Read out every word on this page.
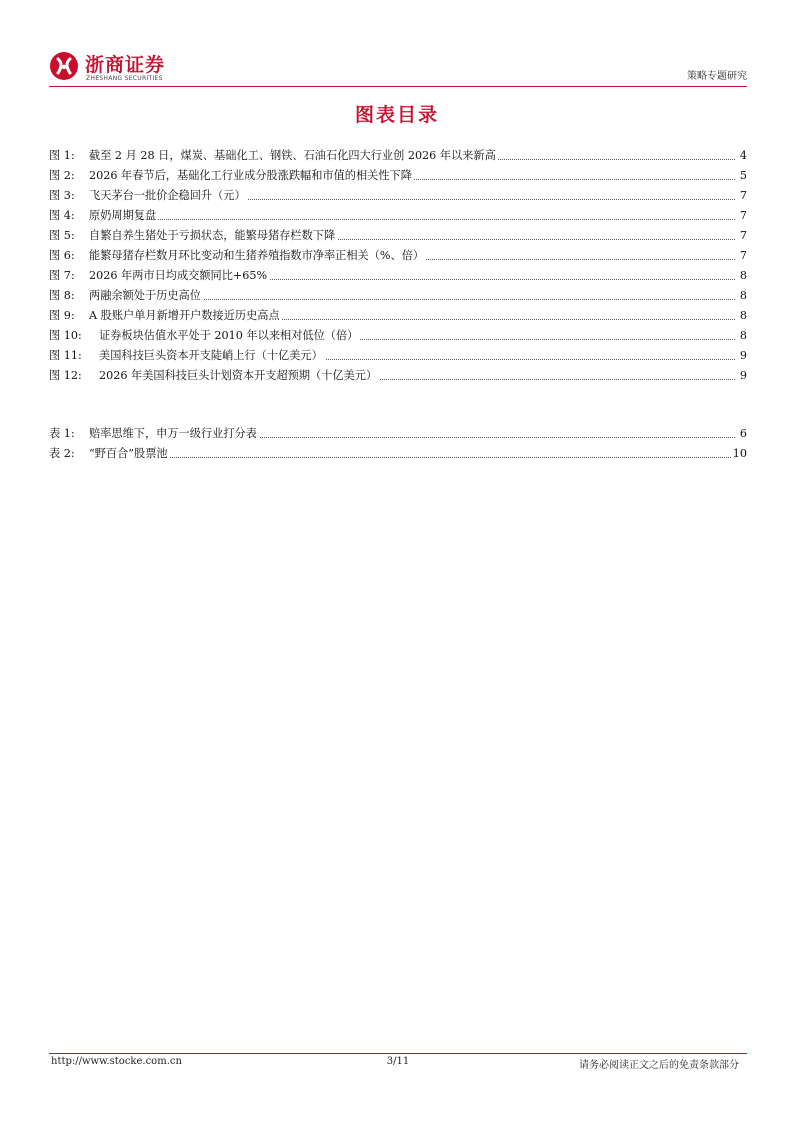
浙商证券
ZHESHANG SECURITIES	策略专题研究
图表目录
图 1: 截至 2 月 28 日，煤炭、基础化工、钢铁、石油石化四大行业创 2026 年以来新高	4
图 2: 2026 年春节后，基础化工行业成分股涨跌幅和市值的相关性下降	5
图 3: 飞天茅台一批价企稳回升（元）	7
图 4: 原奶周期复盘	7
图 5: 自繁自养生猪处于亏损状态，能繁母猪存栏数下降	7
图 6: 能繁母猪存栏数月环比变动和生猪养殖指数市净率正相关（%、倍）	7
图 7: 2026 年两市日均成交额同比+65%	8
图 8: 两融余额处于历史高位	8
图 9: A 股账户单月新增开户数接近历史高点	8
图 10: 证券板块估值水平处于 2010 年以来相对低位（倍）	8
图 11: 美国科技巨头资本开支陡峭上行（十亿美元）	9
图 12: 2026 年美国科技巨头计划资本开支超预期（十亿美元）	9
表 1: 赔率思维下，申万一级行业打分表	6
表 2: “野百合”股票池	10
http://www.stocke.com.cn	3/11	请务必阅读正文之后的免责条款部分
